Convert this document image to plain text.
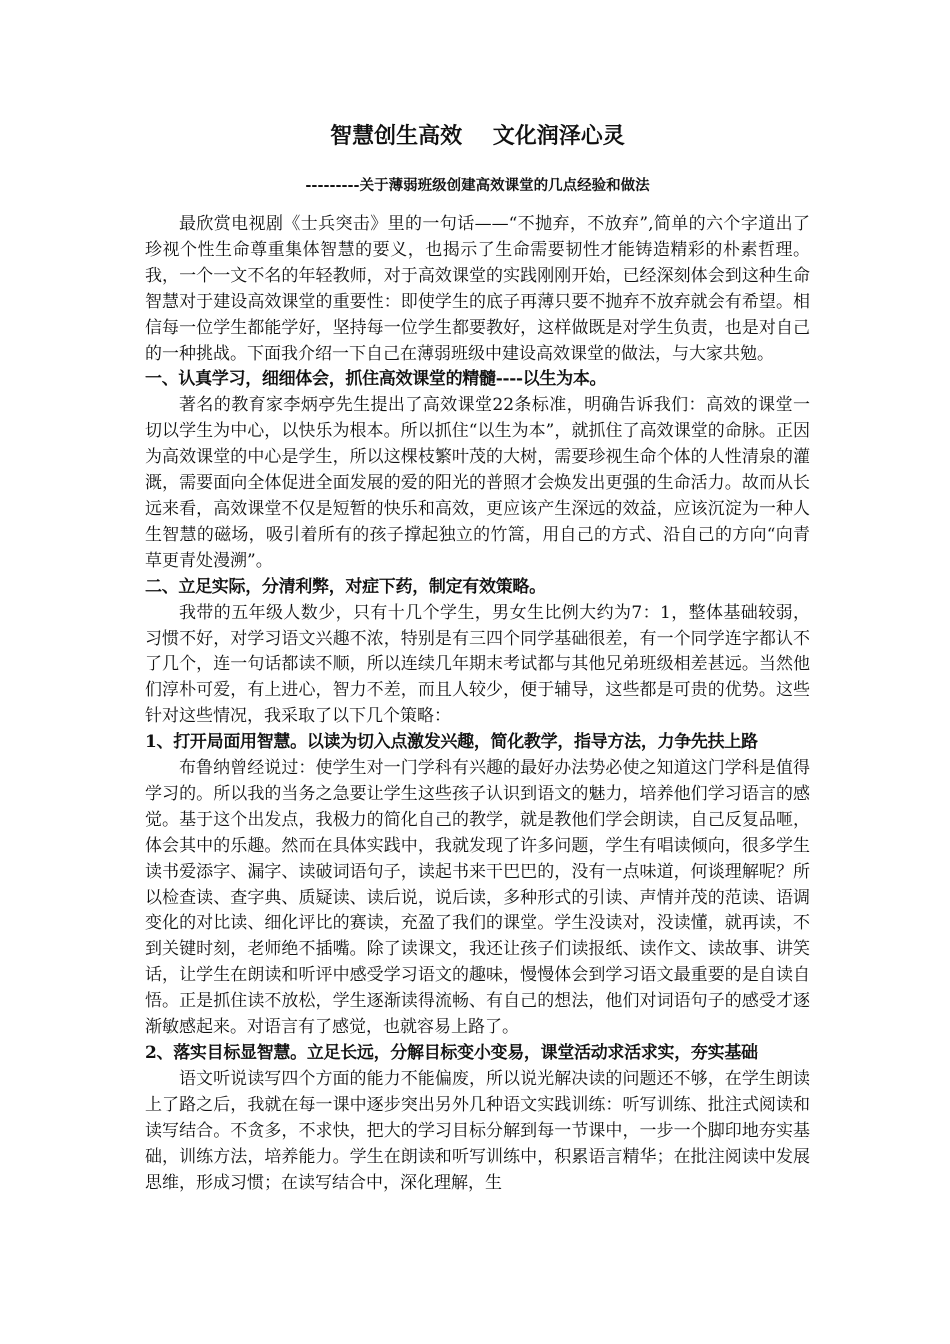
智慧创生高效    文化润泽心灵

---------关于薄弱班级创建高效课堂的几点经验和做法

最欣赏电视剧《士兵突击》里的一句话——“不抛弃，不放弃”,简单的六个字道出了珍视个性生命尊重集体智慧的要义，也揭示了生命需要韧性才能铸造精彩的朴素哲理。 我，一个一文不名的年轻教师，对于高效课堂的实践刚刚开始，已经深刻体会到这种生命智慧对于建设高效课堂的重要性：即使学生的底子再薄只要不抛弃不放弃就会有希望。相信每一位学生都能学好，坚持每一位学生都要教好，这样做既是对学生负责，也是对自己的一种挑战。下面我介绍一下自己在薄弱班级中建设高效课堂的做法，与大家共勉。

一、认真学习，细细体会，抓住高效课堂的精髓----以生为本。

著名的教育家李炳亭先生提出了高效课堂22条标准，明确告诉我们：高效的课堂一切以学生为中心，以快乐为根本。所以抓住“以生为本”，就抓住了高效课堂的命脉。正因为高效课堂的中心是学生，所以这棵枝繁叶茂的大树，需要珍视生命个体的人性清泉的灌溉，需要面向全体促进全面发展的爱的阳光的普照才会焕发出更强的生命活力。故而从长远来看，高效课堂不仅是短暂的快乐和高效，更应该产生深远的效益，应该沉淀为一种人生智慧的磁场，吸引着所有的孩子撑起独立的竹篙，用自己的方式、沿自己的方向“向青草更青处漫溯”。

二、立足实际，分清利弊，对症下药，制定有效策略。

我带的五年级人数少，只有十几个学生，男女生比例大约为7：1，整体基础较弱，习惯不好，对学习语文兴趣不浓，特别是有三四个同学基础很差，有一个同学连字都认不了几个，连一句话都读不顺，所以连续几年期末考试都与其他兄弟班级相差甚远。当然他们淳朴可爱，有上进心，智力不差，而且人较少，便于辅导，这些都是可贵的优势。这些针对这些情况，我采取了以下几个策略：

1、打开局面用智慧。以读为切入点激发兴趣，简化教学，指导方法，力争先扶上路

布鲁纳曾经说过：使学生对一门学科有兴趣的最好办法势必使之知道这门学科是值得学习的。所以我的当务之急要让学生这些孩子认识到语文的魅力，培养他们学习语言的感觉。基于这个出发点，我极力的简化自己的教学，就是教他们学会朗读，自己反复品咂，体会其中的乐趣。然而在具体实践中，我就发现了许多问题，学生有唱读倾向，很多学生读书爱添字、漏字、读破词语句子，读起书来干巴巴的，没有一点味道，何谈理解呢？所以检查读、查字典、质疑读、读后说，说后读，多种形式的引读、声情并茂的范读、语调变化的对比读、细化评比的赛读，充盈了我们的课堂。学生没读对，没读懂，就再读，不到关键时刻，老师绝不插嘴。除了读课文，我还让孩子们读报纸、读作文、读故事、讲笑话，让学生在朗读和听评中感受学习语文的趣味，慢慢体会到学习语文最重要的是自读自悟。正是抓住读不放松，学生逐渐读得流畅、有自己的想法，他们对词语句子的感受才逐渐敏感起来。对语言有了感觉，也就容易上路了。

2、落实目标显智慧。立足长远，分解目标变小变易，课堂活动求活求实，夯实基础

语文听说读写四个方面的能力不能偏废，所以说光解决读的问题还不够，在学生朗读上了路之后，我就在每一课中逐步突出另外几种语文实践训练：听写训练、批注式阅读和读写结合。不贪多，不求快，把大的学习目标分解到每一节课中，一步一个脚印地夯实基础，训练方法，培养能力。学生在朗读和听写训练中，积累语言精华；在批注阅读中发展思维，形成习惯；在读写结合中，深化理解，生
